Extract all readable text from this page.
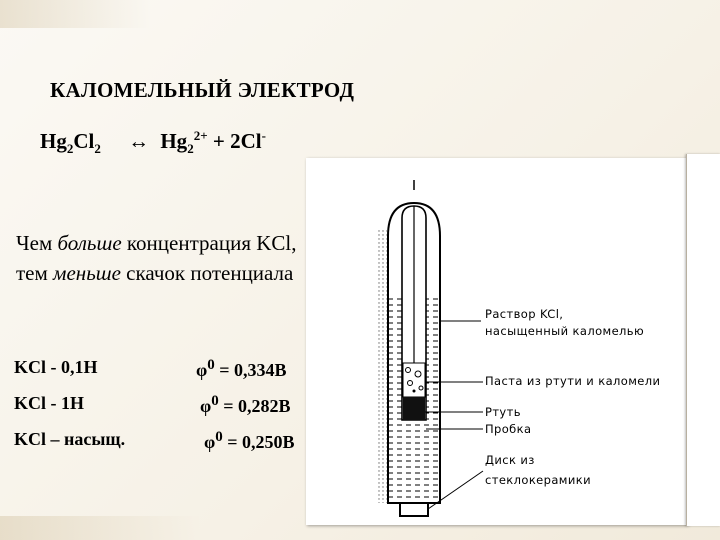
КАЛОМЕЛЬНЫЙ ЭЛЕКТРОД
$Hg_2Cl_2$ ↔ $Hg_2^{2+} + 2Cl^-$
Чем больше концентрация KCl, тем меньше скачок потенциала
KCl - 0,1Н	$\varphi^0 = 0,334В$
KCl - 1Н	$\varphi^0 = 0,282В$
KCl – насыщ.	$\varphi^0 = 0,250В$
Раствор KCl,
насыщенный каломелью
Паста из ртути и каломели
Ртуть
Пробка
Диск из
стеклокерамики
